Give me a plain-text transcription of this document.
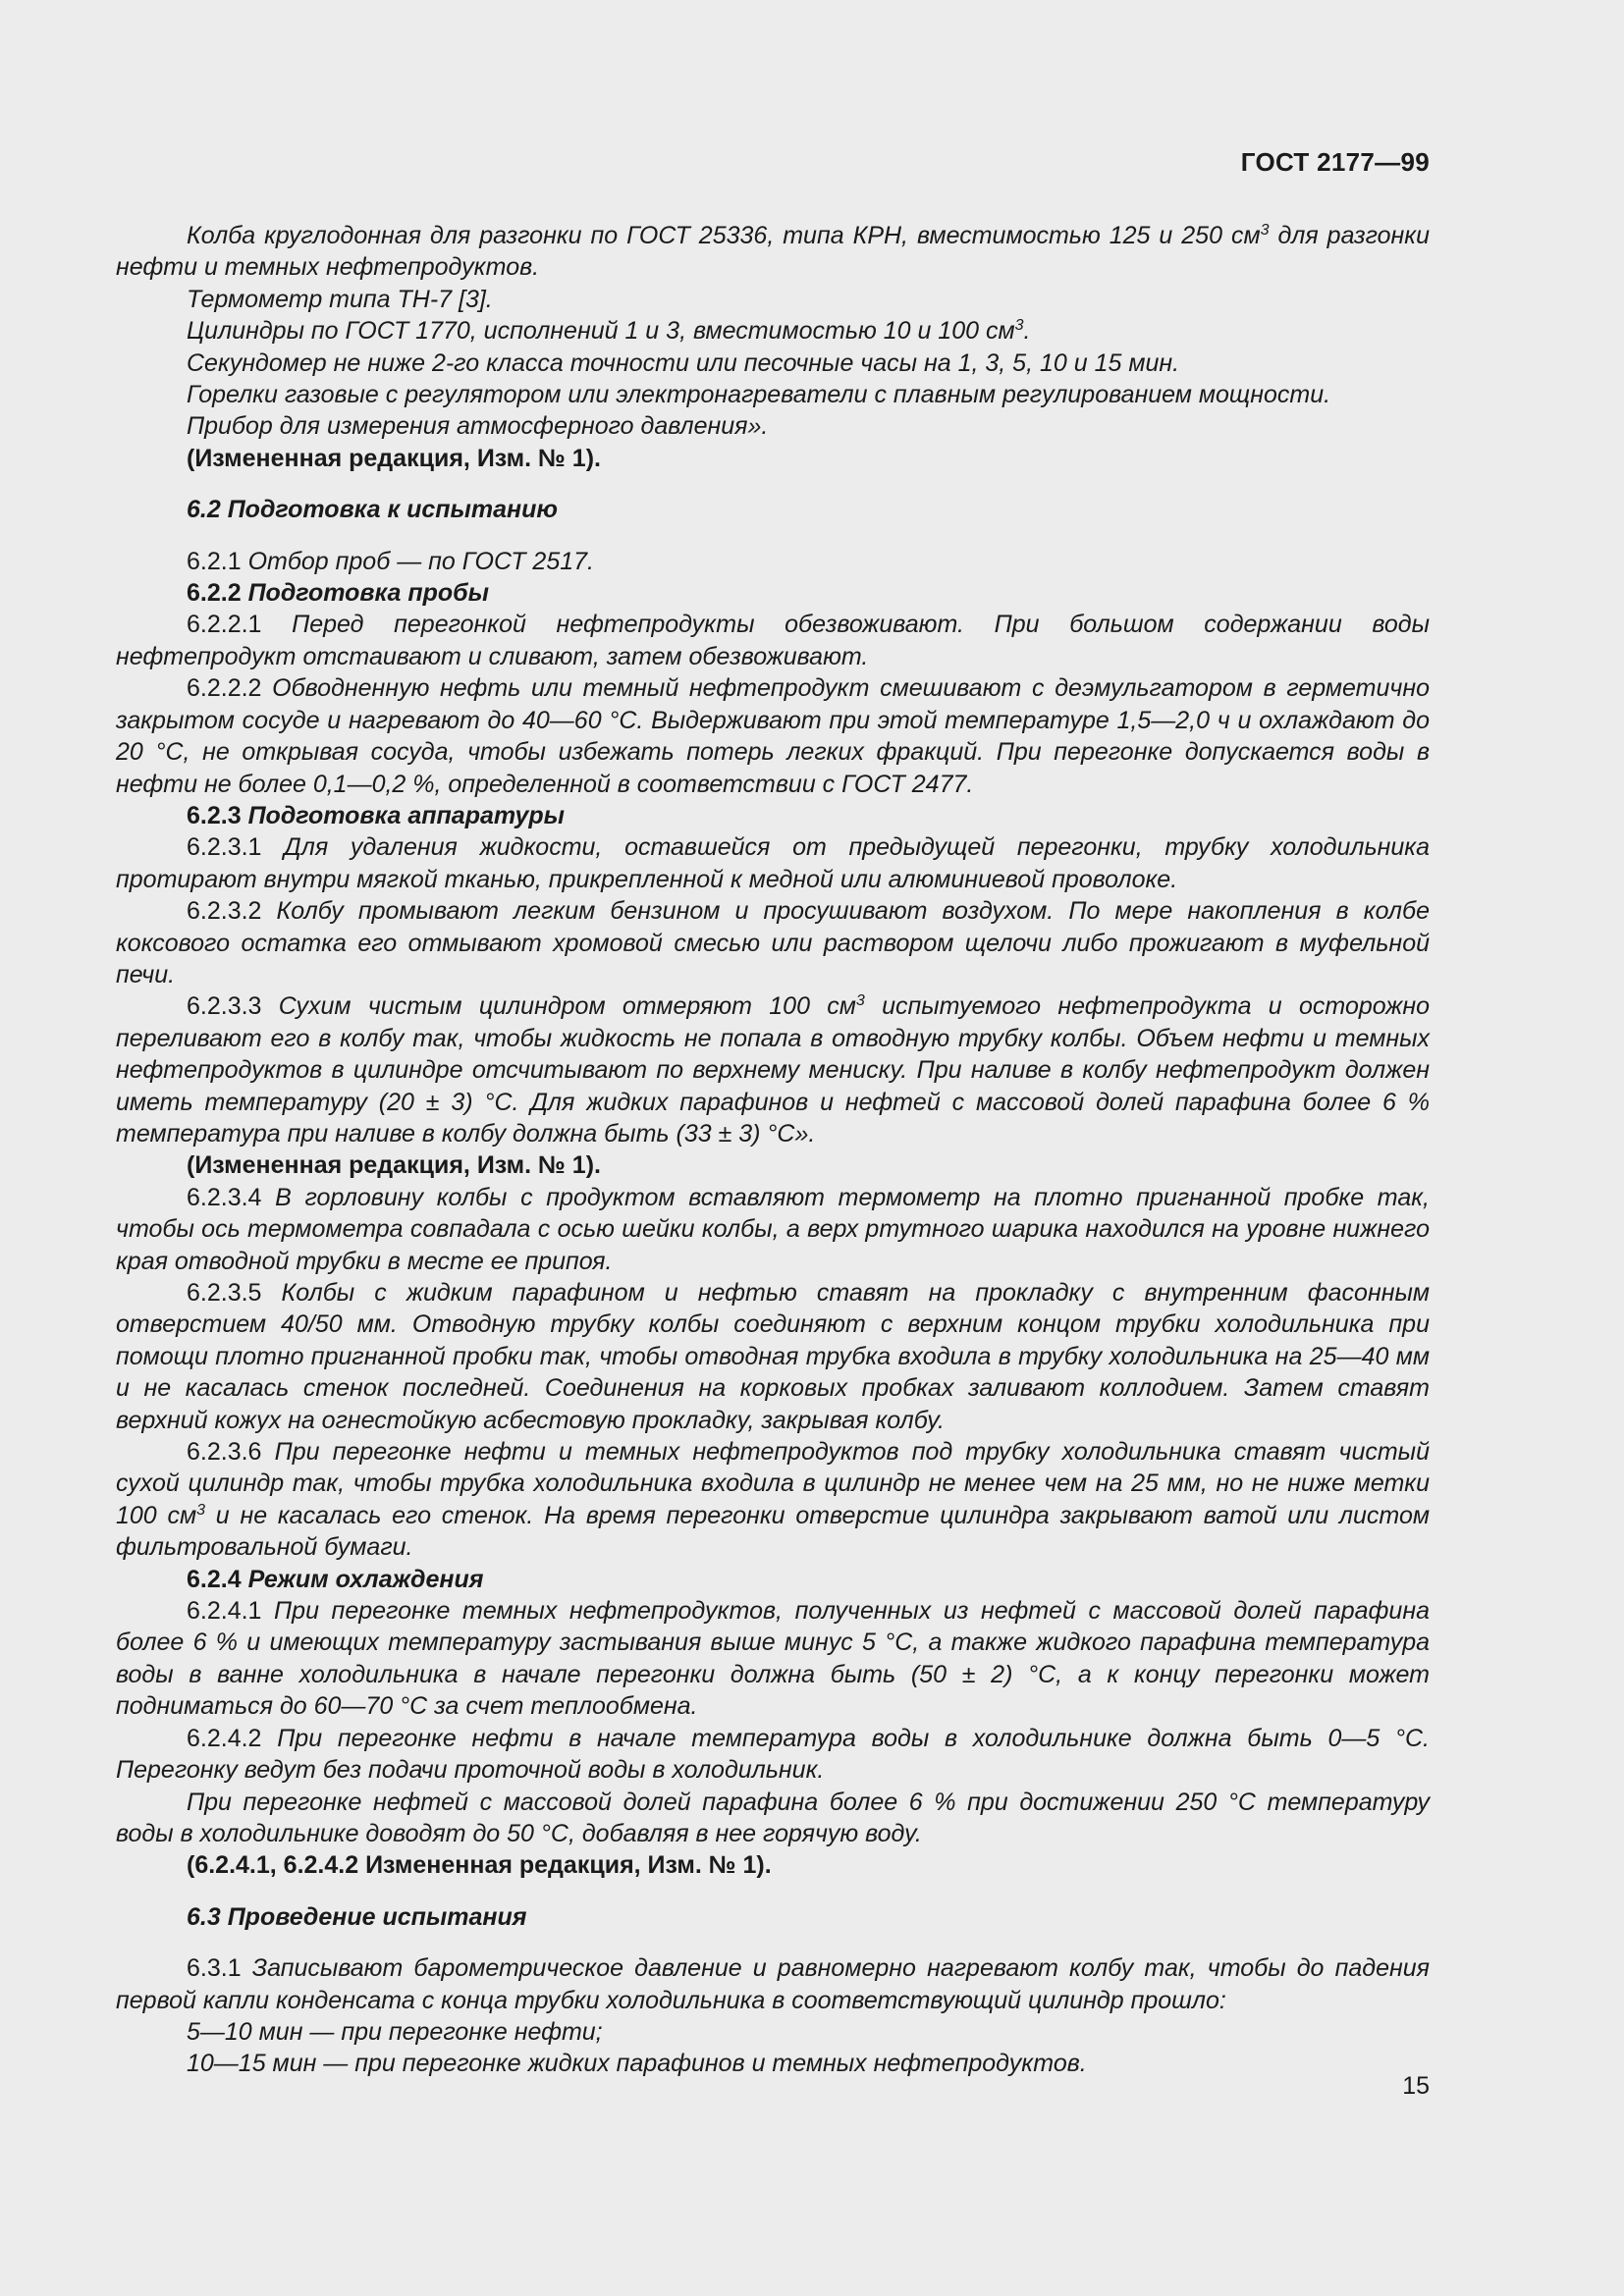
ГОСТ 2177—99

Колба круглодонная для разгонки по ГОСТ 25336, типа КРН, вместимостью 125 и 250 $см^3$ для разгонки нефти и темных нефтепродуктов.

Термометр типа ТН-7 [3].

Цилиндры по ГОСТ 1770, исполнений 1 и 3, вместимостью 10 и 100 $см^3$.

Секундомер не ниже 2-го класса точности или песочные часы на 1, 3, 5, 10 и 15 мин.

Горелки газовые с регулятором или электронагреватели с плавным регулированием мощности.

Прибор для измерения атмосферного давления».

(Измененная редакция, Изм. № 1).

6.2 Подготовка к испытанию

6.2.1 Отбор проб — по ГОСТ 2517.

6.2.2 Подготовка пробы

6.2.2.1 Перед перегонкой нефтепродукты обезвоживают. При большом содержании воды нефтепродукт отстаивают и сливают, затем обезвоживают.

6.2.2.2 Обводненную нефть или темный нефтепродукт смешивают с деэмульгатором в герметично закрытом сосуде и нагревают до 40—60 °С. Выдерживают при этой температуре 1,5—2,0 ч и охлаждают до 20 °С, не открывая сосуда, чтобы избежать потерь легких фракций. При перегонке допускается воды в нефти не более 0,1—0,2 %, определенной в соответствии с ГОСТ 2477.

6.2.3 Подготовка аппаратуры

6.2.3.1 Для удаления жидкости, оставшейся от предыдущей перегонки, трубку холодильника протирают внутри мягкой тканью, прикрепленной к медной или алюминиевой проволоке.

6.2.3.2 Колбу промывают легким бензином и просушивают воздухом. По мере накопления в колбе коксового остатка его отмывают хромовой смесью или раствором щелочи либо прожигают в муфельной печи.

6.2.3.3 Сухим чистым цилиндром отмеряют 100 $см^3$ испытуемого нефтепродукта и осторожно переливают его в колбу так, чтобы жидкость не попала в отводную трубку колбы. Объем нефти и темных нефтепродуктов в цилиндре отсчитывают по верхнему мениску. При наливе в колбу нефтепродукт должен иметь температуру (20 ± 3) °С. Для жидких парафинов и нефтей с массовой долей парафина более 6 % температура при наливе в колбу должна быть (33 ± 3) °С».

(Измененная редакция, Изм. № 1).

6.2.3.4 В горловину колбы с продуктом вставляют термометр на плотно пригнанной пробке так, чтобы ось термометра совпадала с осью шейки колбы, а верх ртутного шарика находился на уровне нижнего края отводной трубки в месте ее припоя.

6.2.3.5 Колбы с жидким парафином и нефтью ставят на прокладку с внутренним фасонным отверстием 40/50 мм. Отводную трубку колбы соединяют с верхним концом трубки холодильника при помощи плотно пригнанной пробки так, чтобы отводная трубка входила в трубку холодильника на 25—40 мм и не касалась стенок последней. Соединения на корковых пробках заливают коллодием. Затем ставят верхний кожух на огнестойкую асбестовую прокладку, закрывая колбу.

6.2.3.6 При перегонке нефти и темных нефтепродуктов под трубку холодильника ставят чистый сухой цилиндр так, чтобы трубка холодильника входила в цилиндр не менее чем на 25 мм, но не ниже метки 100 $см^3$ и не касалась его стенок. На время перегонки отверстие цилиндра закрывают ватой или листом фильтровальной бумаги.

6.2.4 Режим охлаждения

6.2.4.1 При перегонке темных нефтепродуктов, полученных из нефтей с массовой долей парафина более 6 % и имеющих температуру застывания выше минус 5 °С, а также жидкого парафина температура воды в ванне холодильника в начале перегонки должна быть (50 ± 2) °С, а к концу перегонки может подниматься до 60—70 °С за счет теплообмена.

6.2.4.2 При перегонке нефти в начале температура воды в холодильнике должна быть 0—5 °С. Перегонку ведут без подачи проточной воды в холодильник.

При перегонке нефтей с массовой долей парафина более 6 % при достижении 250 °С температуру воды в холодильнике доводят до 50 °С, добавляя в нее горячую воду.

(6.2.4.1, 6.2.4.2 Измененная редакция, Изм. № 1).

6.3 Проведение испытания

6.3.1 Записывают барометрическое давление и равномерно нагревают колбу так, чтобы до падения первой капли конденсата с конца трубки холодильника в соответствующий цилиндр прошло:

5—10 мин — при перегонке нефти;

10—15 мин — при перегонке жидких парафинов и темных нефтепродуктов.

15
